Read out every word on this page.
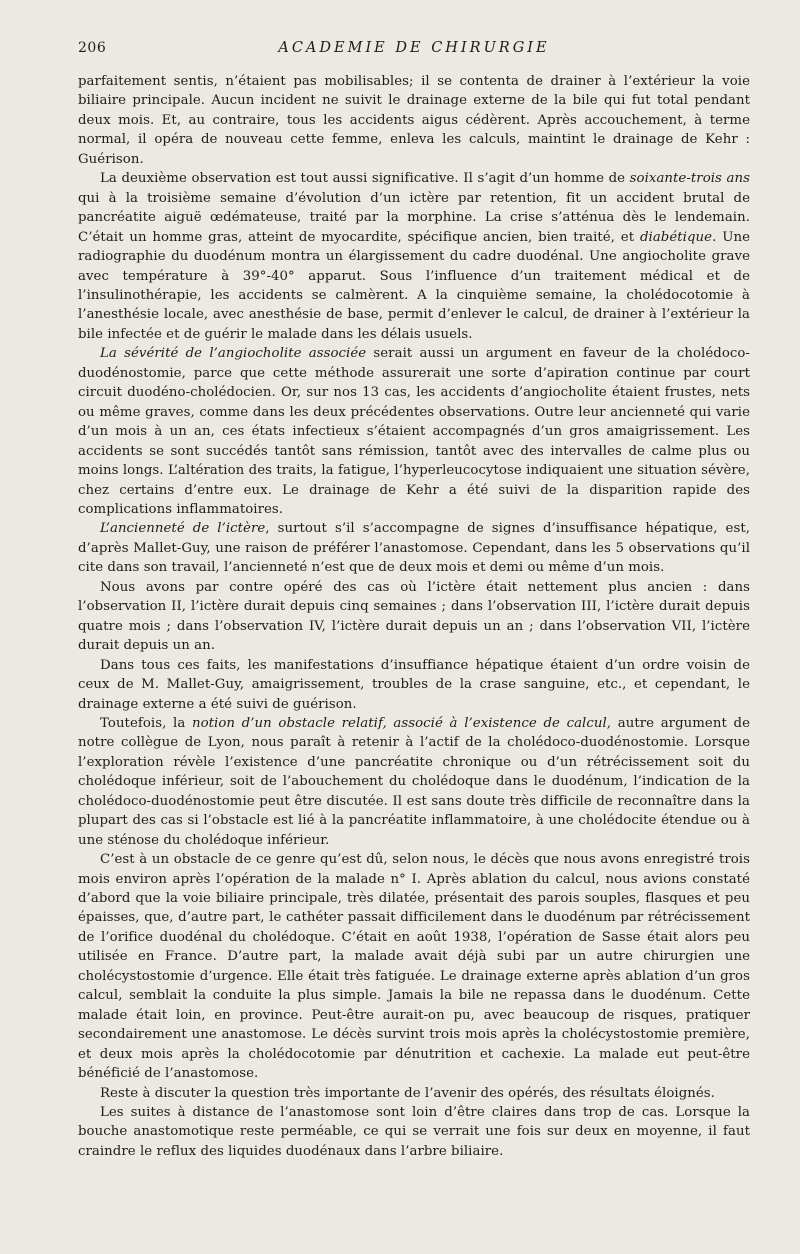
206	ACADEMIE DE CHIRURGIE

parfaitement sentis, n’étaient pas mobilisables; il se contenta de drainer à l’extérieur la voie biliaire principale. Aucun incident ne suivit le drainage externe de la bile qui fut total pendant deux mois. Et, au contraire, tous les accidents aigus cédèrent. Après accouchement, à terme normal, il opéra de nouveau cette femme, enleva les calculs, maintint le drainage de Kehr : Guérison.

La deuxième observation est tout aussi significative. Il s’agit d’un homme de soixante-trois ans qui à la troisième semaine d’évolution d’un ictère par retention, fit un accident brutal de pancréatite aiguë œdémateuse, traité par la morphine. La crise s’atténua dès le lendemain. C’était un homme gras, atteint de myocardite, spécifique ancien, bien traité, et diabétique. Une radiographie du duodénum montra un élargissement du cadre duodénal. Une angiocholite grave avec température à 39°-40° apparut. Sous l’influence d’un traitement médical et de l’insulinothérapie, les accidents se calmèrent. A la cinquième semaine, la cholédocotomie à l’anesthésie locale, avec anesthésie de base, permit d’enlever le calcul, de drainer à l’extérieur la bile infectée et de guérir le malade dans les délais usuels.

La sévérité de l’angiocholite associée serait aussi un argument en faveur de la cholédoco-duodénostomie, parce que cette méthode assurerait une sorte d’apiration continue par court circuit duodéno-cholédocien. Or, sur nos 13 cas, les accidents d’angiocholite étaient frustes, nets ou même graves, comme dans les deux précédentes observations. Outre leur ancienneté qui varie d’un mois à un an, ces états infectieux s’étaient accompagnés d’un gros amaigrissement. Les accidents se sont succédés tantôt sans rémission, tantôt avec des intervalles de calme plus ou moins longs. L’altération des traits, la fatigue, l’hyperleucocytose indiquaient une situation sévère, chez certains d’entre eux. Le drainage de Kehr a été suivi de la disparition rapide des complications inflammatoires.

L’ancienneté de l’ictère, surtout s’il s’accompagne de signes d’insuffisance hépatique, est, d’après Mallet-Guy, une raison de préférer l’anastomose. Cependant, dans les 5 observations qu’il cite dans son travail, l’ancienneté n’est que de deux mois et demi ou même d’un mois.

Nous avons par contre opéré des cas où l’ictère était nettement plus ancien : dans l’observation II, l’ictère durait depuis cinq semaines ; dans l’observation III, l’ictère durait depuis quatre mois ; dans l’observation IV, l’ictère durait depuis un an ; dans l’observation VII, l’ictère durait depuis un an.

Dans tous ces faits, les manifestations d’insuffiance hépatique étaient d’un ordre voisin de ceux de M. Mallet-Guy, amaigrissement, troubles de la crase sanguine, etc., et cependant, le drainage externe a été suivi de guérison.

Toutefois, la notion d’un obstacle relatif, associé à l’existence de calcul, autre argument de notre collègue de Lyon, nous paraît à retenir à l’actif de la cholédoco-duodénostomie. Lorsque l’exploration révèle l’existence d’une pancréatite chronique ou d’un rétrécissement soit du cholédoque inférieur, soit de l’abouchement du cholédoque dans le duodénum, l’indication de la cholédoco-duodénostomie peut être discutée. Il est sans doute très difficile de reconnaître dans la plupart des cas si l’obstacle est lié à la pancréatite inflammatoire, à une cholédocite étendue ou à une sténose du cholédoque inférieur.

C’est à un obstacle de ce genre qu’est dû, selon nous, le décès que nous avons enregistré trois mois environ après l’opération de la malade n° I. Après ablation du calcul, nous avions constaté d’abord que la voie biliaire principale, très dilatée, présentait des parois souples, flasques et peu épaisses, que, d’autre part, le cathéter passait difficilement dans le duodénum par rétrécissement de l’orifice duodénal du cholédoque. C’était en août 1938, l’opération de Sasse était alors peu utilisée en France. D’autre part, la malade avait déjà subi par un autre chirurgien une cholécystostomie d’urgence. Elle était très fatiguée. Le drainage externe après ablation d’un gros calcul, semblait la conduite la plus simple. Jamais la bile ne repassa dans le duodénum. Cette malade était loin, en province. Peut-être aurait-on pu, avec beaucoup de risques, pratiquer secondairement une anastomose. Le décès survint trois mois après la cholécystostomie première, et deux mois après la cholédocotomie par dénutrition et cachexie. La malade eut peut-être bénéficié de l’anastomose.

Reste à discuter la question très importante de l’avenir des opérés, des résultats éloignés.

Les suites à distance de l’anastomose sont loin d’être claires dans trop de cas. Lorsque la bouche anastomotique reste perméable, ce qui se verrait une fois sur deux en moyenne, il faut craindre le reflux des liquides duodénaux dans l’arbre biliaire.
